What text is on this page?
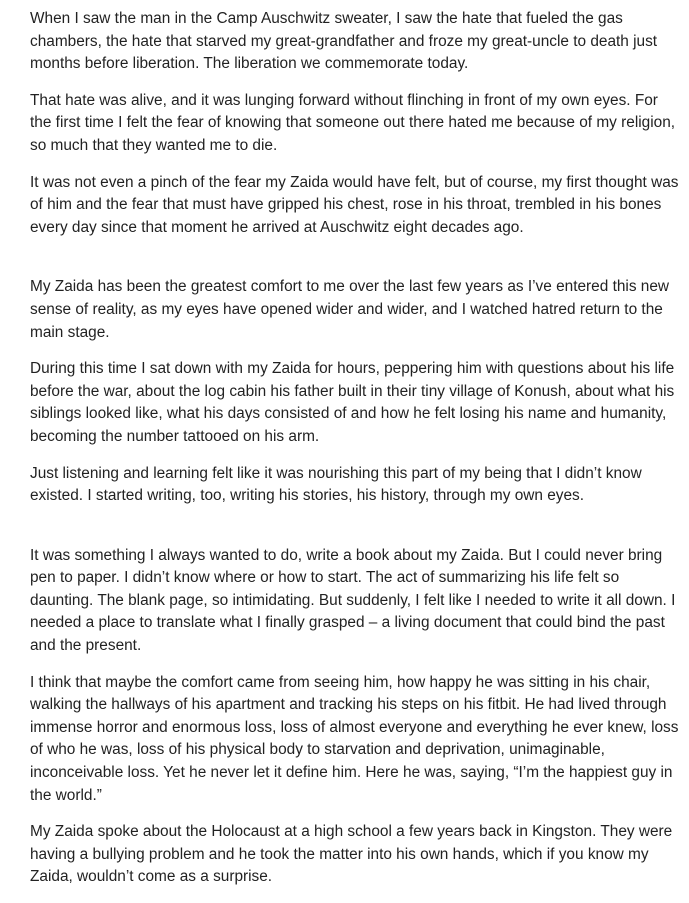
When I saw the man in the Camp Auschwitz sweater, I saw the hate that fueled the gas chambers, the hate that starved my great-grandfather and froze my great-uncle to death just months before liberation. The liberation we commemorate today.

That hate was alive, and it was lunging forward without flinching in front of my own eyes. For the first time I felt the fear of knowing that someone out there hated me because of my religion, so much that they wanted me to die.

It was not even a pinch of the fear my Zaida would have felt, but of course, my first thought was of him and the fear that must have gripped his chest, rose in his throat, trembled in his bones every day since that moment he arrived at Auschwitz eight decades ago.

My Zaida has been the greatest comfort to me over the last few years as I’ve entered this new sense of reality, as my eyes have opened wider and wider, and I watched hatred return to the main stage.

During this time I sat down with my Zaida for hours, peppering him with questions about his life before the war, about the log cabin his father built in their tiny village of Konush, about what his siblings looked like, what his days consisted of and how he felt losing his name and humanity, becoming the number tattooed on his arm.

Just listening and learning felt like it was nourishing this part of my being that I didn’t know existed. I started writing, too, writing his stories, his history, through my own eyes.

It was something I always wanted to do, write a book about my Zaida. But I could never bring pen to paper. I didn’t know where or how to start. The act of summarizing his life felt so daunting. The blank page, so intimidating. But suddenly, I felt like I needed to write it all down. I needed a place to translate what I finally grasped – a living document that could bind the past and the present.

I think that maybe the comfort came from seeing him, how happy he was sitting in his chair, walking the hallways of his apartment and tracking his steps on his fitbit. He had lived through immense horror and enormous loss, loss of almost everyone and everything he ever knew, loss of who he was, loss of his physical body to starvation and deprivation, unimaginable, inconceivable loss. Yet he never let it define him. Here he was, saying, “I’m the happiest guy in the world.”

My Zaida spoke about the Holocaust at a high school a few years back in Kingston. They were having a bullying problem and he took the matter into his own hands, which if you know my Zaida, wouldn’t come as a surprise.
